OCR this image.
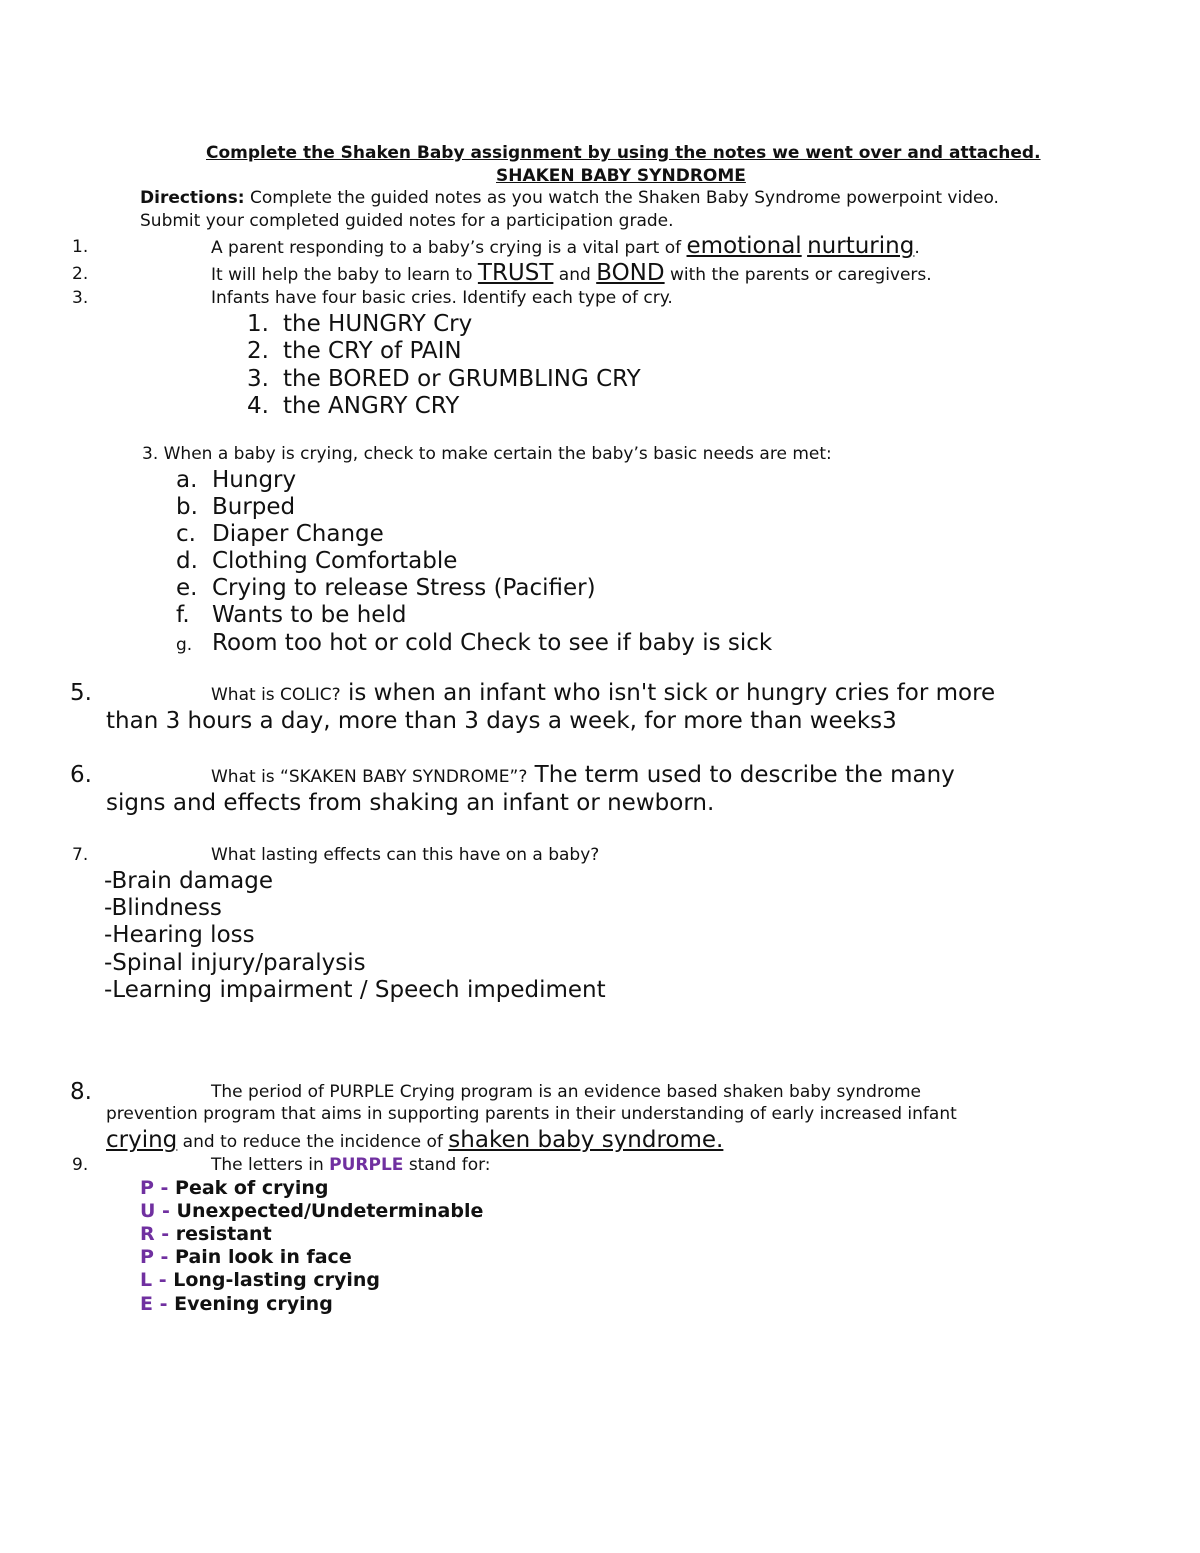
Complete the Shaken Baby assignment by using the notes we went over and attached.
SHAKEN BABY SYNDROME
Directions: Complete the guided notes as you watch the Shaken Baby Syndrome powerpoint video.
Submit your completed guided notes for a participation grade.
1.	A parent responding to a baby’s crying is a vital part of emotional nurturing.
2.	It will help the baby to learn to TRUST and BOND with the parents or caregivers.
3.	Infants have four basic cries. Identify each type of cry.
1. the HUNGRY Cry
2. the CRY of PAIN
3. the BORED or GRUMBLING CRY
4. the ANGRY CRY
3. When a baby is crying, check to make certain the baby’s basic needs are met:
a. Hungry
b. Burped
c. Diaper Change
d. Clothing Comfortable
e. Crying to release Stress (Pacifier)
f. Wants to be held
g. Room too hot or cold Check to see if baby is sick
5.	What is COLIC? is when an infant who isn't sick or hungry cries for more
than 3 hours a day, more than 3 days a week, for more than weeks3
6.	What is “SKAKEN BABY SYNDROME”? The term used to describe the many
signs and effects from shaking an infant or newborn.
7.	What lasting effects can this have on a baby?
-Brain damage
-Blindness
-Hearing loss
-Spinal injury/paralysis
-Learning impairment / Speech impediment
8.	The period of PURPLE Crying program is an evidence based shaken baby syndrome
prevention program that aims in supporting parents in their understanding of early increased infant
crying and to reduce the incidence of shaken baby syndrome.
9.	The letters in PURPLE stand for:
P - Peak of crying
U - Unexpected/Undeterminable
R - resistant
P - Pain look in face
L - Long-lasting crying
E - Evening crying
